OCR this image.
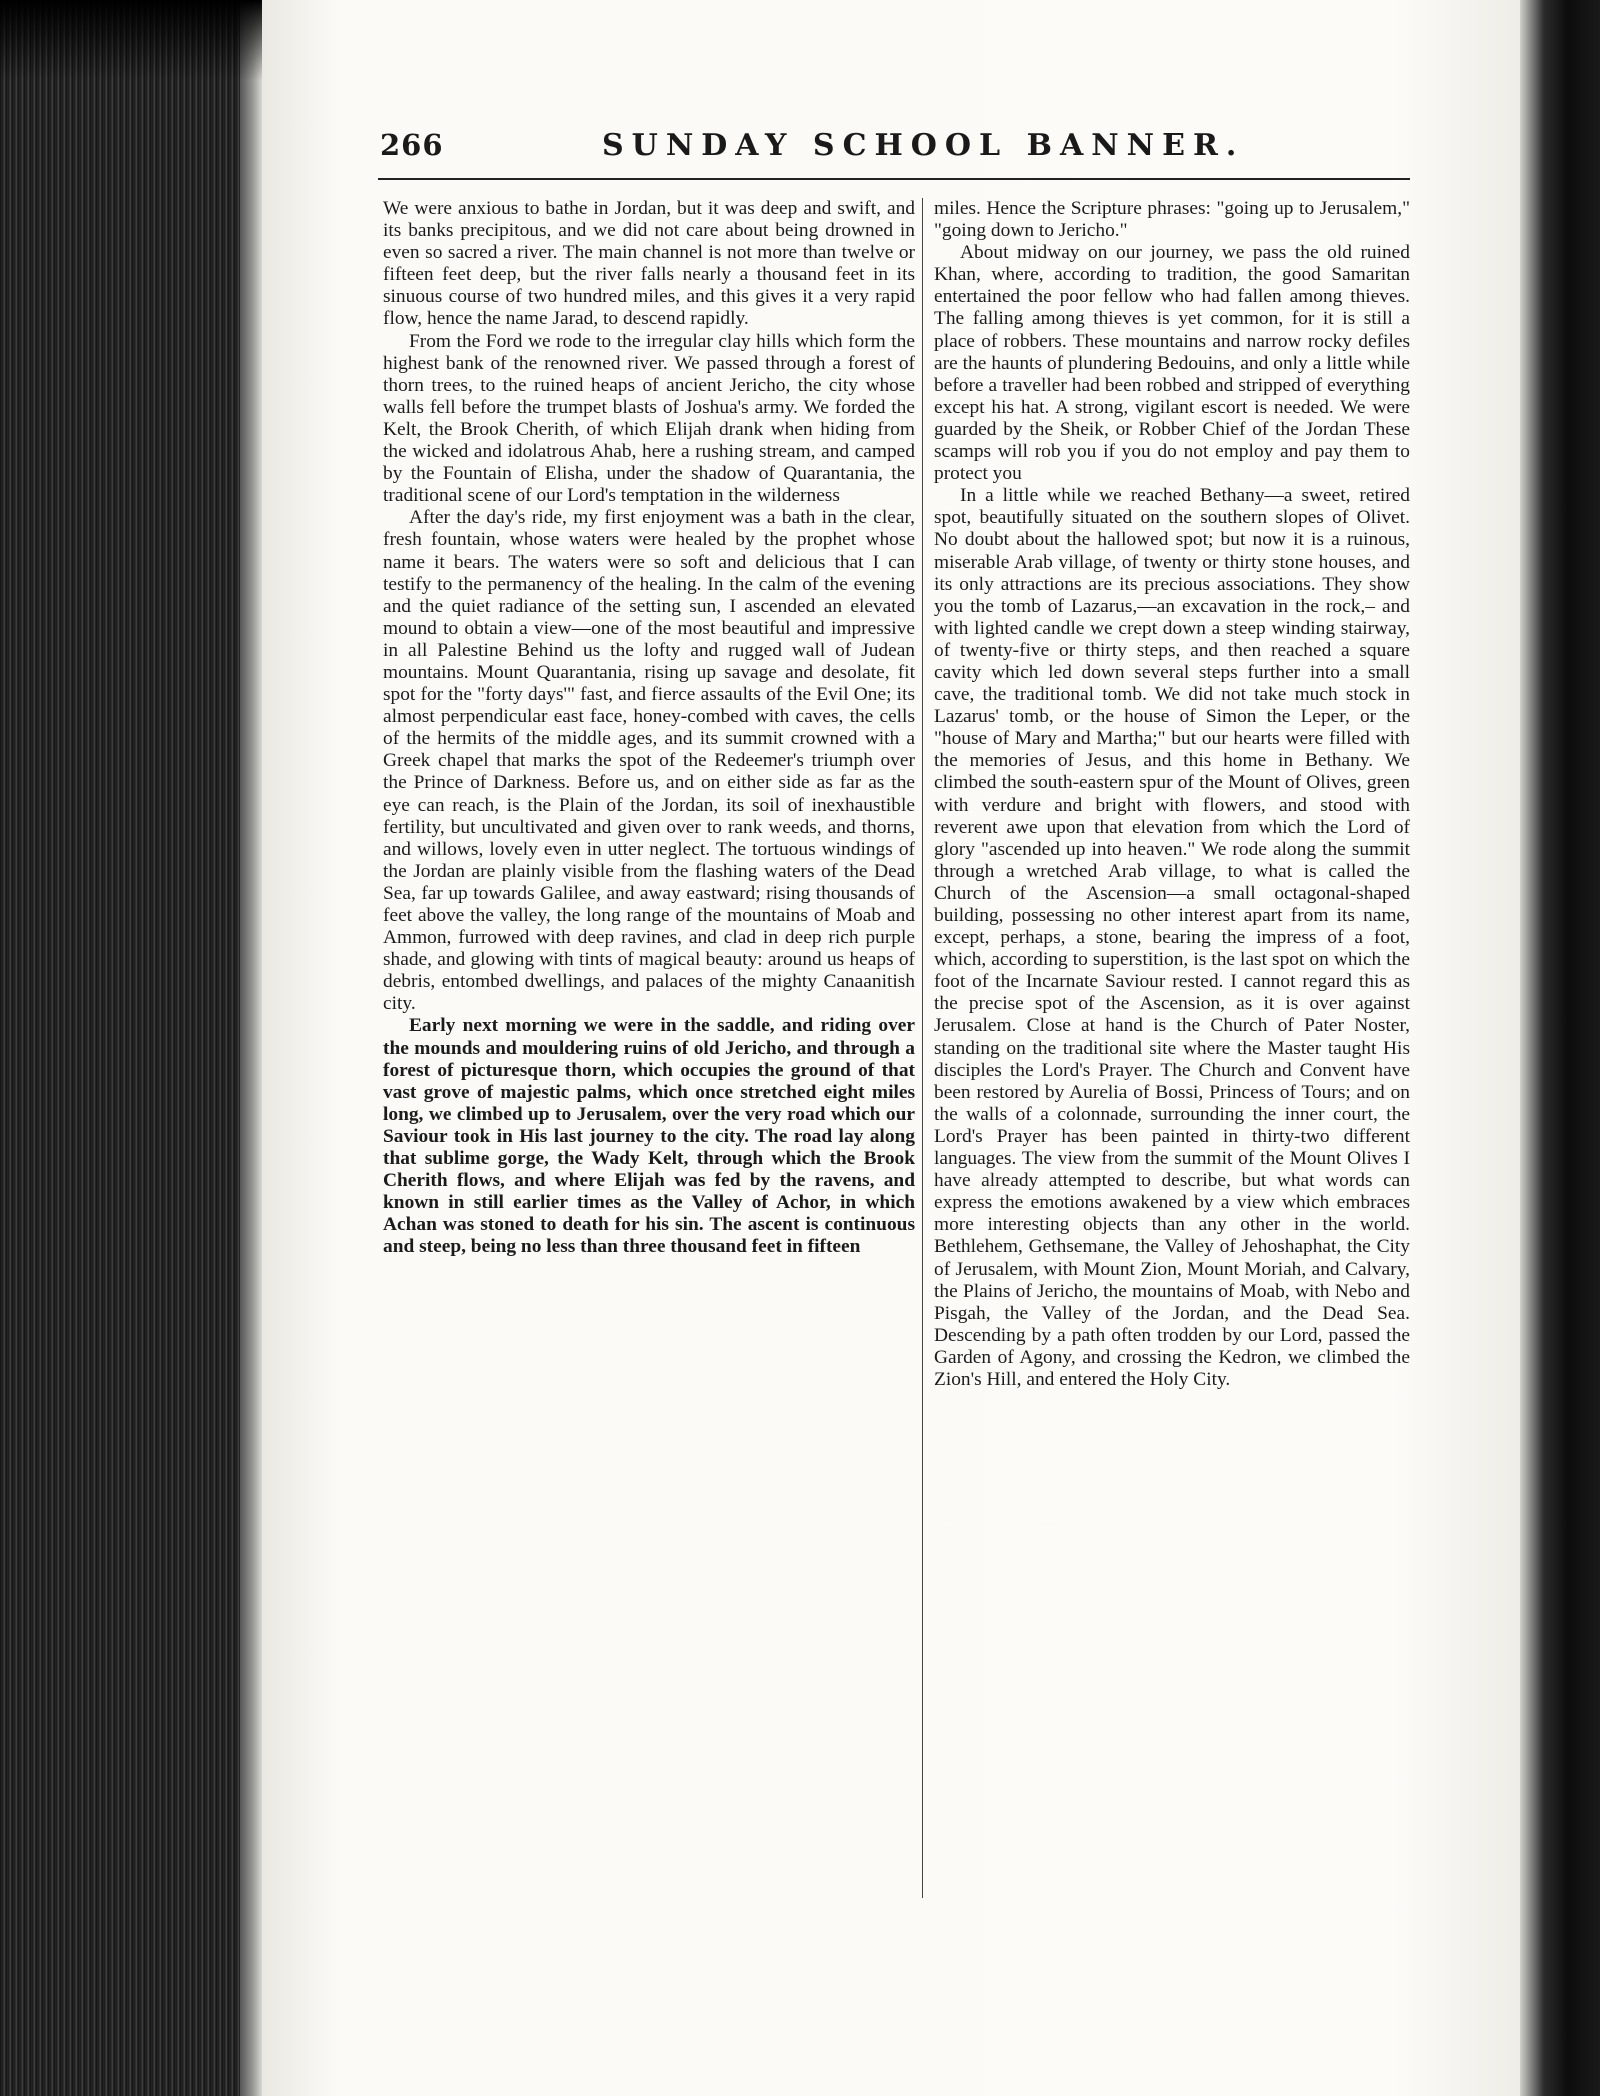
266	SUNDAY SCHOOL BANNER.

We were anxious to bathe in Jordan, but it was deep and swift, and its banks precipitous, and we did not care about being drowned in even so sacred a river. The main channel is not more than twelve or fifteen feet deep, but the river falls nearly a thousand feet in its sinuous course of two hundred miles, and this gives it a very rapid flow, hence the name Jarad, to descend rapidly.

From the Ford we rode to the irregular clay hills which form the highest bank of the renowned river. We passed through a forest of thorn trees, to the ruined heaps of ancient Jericho, the city whose walls fell before the trumpet blasts of Joshua's army. We forded the Kelt, the Brook Cherith, of which Elijah drank when hiding from the wicked and idolatrous Ahab, here a rushing stream, and camped by the Fountain of Elisha, under the shadow of Quarantania, the traditional scene of our Lord's temptation in the wilderness

After the day's ride, my first enjoyment was a bath in the clear, fresh fountain, whose waters were healed by the prophet whose name it bears. The waters were so soft and delicious that I can testify to the permanency of the healing. In the calm of the evening and the quiet radiance of the setting sun, I ascended an elevated mound to obtain a view—one of the most beautiful and impressive in all Palestine Behind us the lofty and rugged wall of Judean mountains. Mount Quarantania, rising up savage and desolate, fit spot for the "forty days'" fast, and fierce assaults of the Evil One; its almost perpendicular east face, honey-combed with caves, the cells of the hermits of the middle ages, and its summit crowned with a Greek chapel that marks the spot of the Redeemer's triumph over the Prince of Darkness. Before us, and on either side as far as the eye can reach, is the Plain of the Jordan, its soil of inexhaustible fertility, but uncultivated and given over to rank weeds, and thorns, and willows, lovely even in utter neglect. The tortuous windings of the Jordan are plainly visible from the flashing waters of the Dead Sea, far up towards Galilee, and away eastward; rising thousands of feet above the valley, the long range of the mountains of Moab and Ammon, furrowed with deep ravines, and clad in deep rich purple shade, and glowing with tints of magical beauty: around us heaps of debris, entombed dwellings, and palaces of the mighty Canaanitish city.

Early next morning we were in the saddle, and riding over the mounds and mouldering ruins of old Jericho, and through a forest of picturesque thorn, which occupies the ground of that vast grove of majestic palms, which once stretched eight miles long, we climbed up to Jerusalem, over the very road which our Saviour took in His last journey to the city. The road lay along that sublime gorge, the Wady Kelt, through which the Brook Cherith flows, and where Elijah was fed by the ravens, and known in still earlier times as the Valley of Achor, in which Achan was stoned to death for his sin. The ascent is continuous and steep, being no less than three thousand feet in fifteen

miles. Hence the Scripture phrases: "going up to Jerusalem," "going down to Jericho."

About midway on our journey, we pass the old ruined Khan, where, according to tradition, the good Samaritan entertained the poor fellow who had fallen among thieves. The falling among thieves is yet common, for it is still a place of robbers. These mountains and narrow rocky defiles are the haunts of plundering Bedouins, and only a little while before a traveller had been robbed and stripped of everything except his hat. A strong, vigilant escort is needed. We were guarded by the Sheik, or Robber Chief of the Jordan These scamps will rob you if you do not employ and pay them to protect you

In a little while we reached Bethany—a sweet, retired spot, beautifully situated on the southern slopes of Olivet. No doubt about the hallowed spot; but now it is a ruinous, miserable Arab village, of twenty or thirty stone houses, and its only attractions are its precious associations. They show you the tomb of Lazarus,—an excavation in the rock,– and with lighted candle we crept down a steep winding stairway, of twenty-five or thirty steps, and then reached a square cavity which led down several steps further into a small cave, the traditional tomb. We did not take much stock in Lazarus' tomb, or the house of Simon the Leper, or the "house of Mary and Martha;" but our hearts were filled with the memories of Jesus, and this home in Bethany. We climbed the south-eastern spur of the Mount of Olives, green with verdure and bright with flowers, and stood with reverent awe upon that elevation from which the Lord of glory "ascended up into heaven." We rode along the summit through a wretched Arab village, to what is called the Church of the Ascension—a small octagonal-shaped building, possessing no other interest apart from its name, except, perhaps, a stone, bearing the impress of a foot, which, according to superstition, is the last spot on which the foot of the Incarnate Saviour rested. I cannot regard this as the precise spot of the Ascension, as it is over against Jerusalem. Close at hand is the Church of Pater Noster, standing on the traditional site where the Master taught His disciples the Lord's Prayer. The Church and Convent have been restored by Aurelia of Bossi, Princess of Tours; and on the walls of a colonnade, surrounding the inner court, the Lord's Prayer has been painted in thirty-two different languages. The view from the summit of the Mount Olives I have already attempted to describe, but what words can express the emotions awakened by a view which embraces more interesting objects than any other in the world. Bethlehem, Gethsemane, the Valley of Jehoshaphat, the City of Jerusalem, with Mount Zion, Mount Moriah, and Calvary, the Plains of Jericho, the mountains of Moab, with Nebo and Pisgah, the Valley of the Jordan, and the Dead Sea. Descending by a path often trodden by our Lord, passed the Garden of Agony, and crossing the Kedron, we climbed the Zion's Hill, and entered the Holy City.
